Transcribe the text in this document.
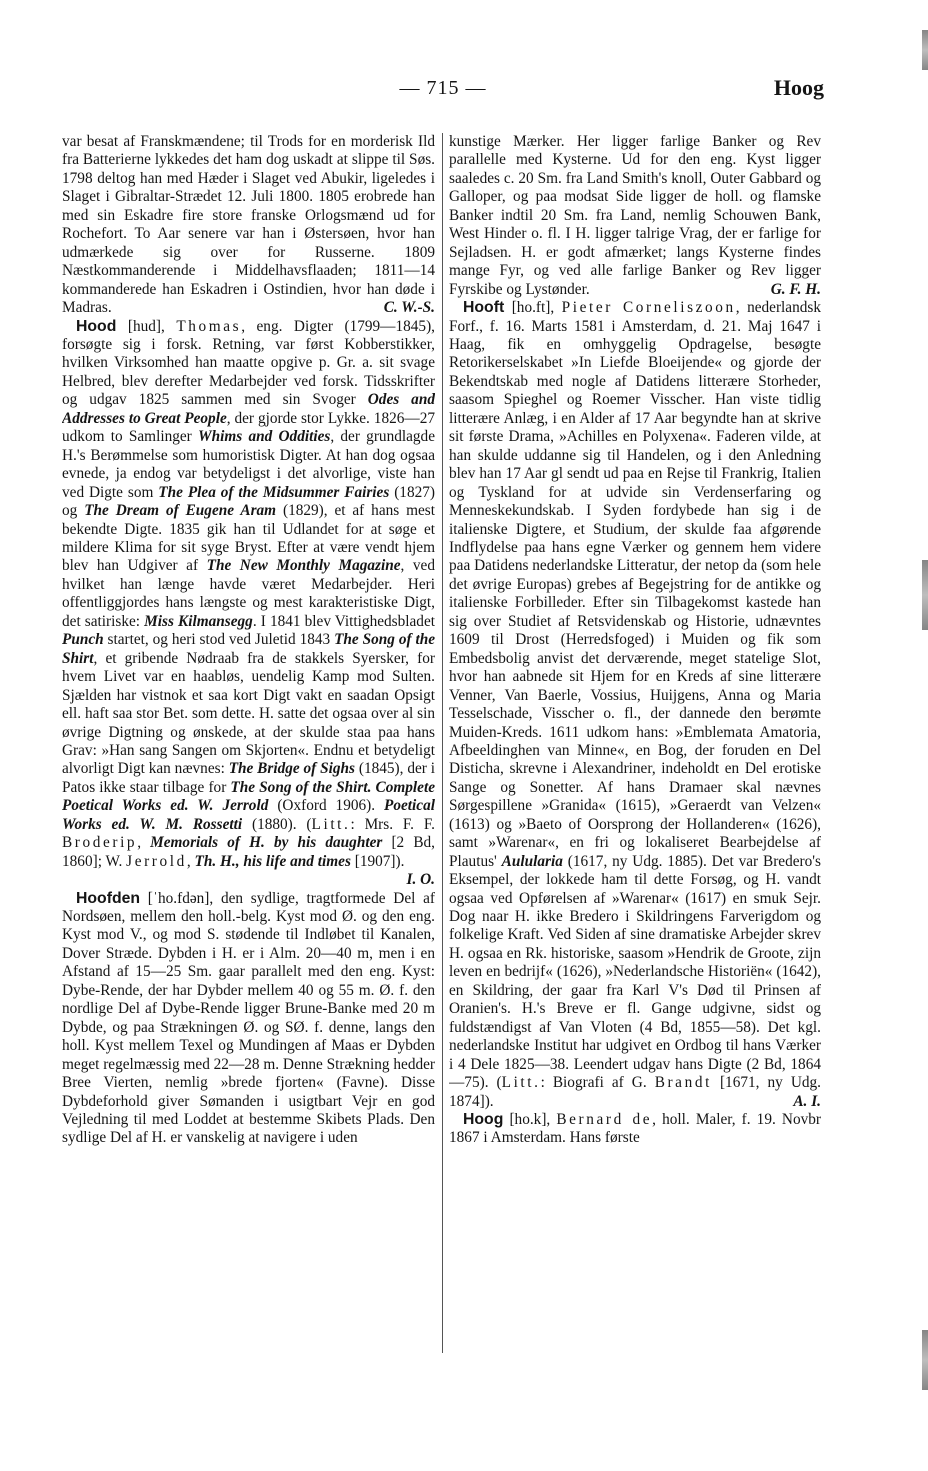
— 715 —	Hoog

var besat af Franskmændene; til Trods for en morderisk Ild fra Batterierne lykkedes det ham dog uskadt at slippe til Søs. 1798 deltog han med Hæder i Slaget ved Abukir, ligeledes i Slaget i Gibraltar-Strædet 12. Juli 1800. 1805 erobrede han med sin Eskadre fire store franske Orlogsmænd ud for Rochefort. To Aar senere var han i Østersøen, hvor han udmærkede sig over for Russerne. 1809 Næstkommanderende i Middelhavsflaaden; 1811—14 kommanderede han Eskadren i Ostindien, hvor han døde i Madras.	C. W.-S.

Hood [hud], Thomas, eng. Digter (1799—1845), forsøgte sig i forsk. Retning, var først Kobberstikker, hvilken Virksomhed han maatte opgive p. Gr. a. sit svage Helbred, blev derefter Medarbejder ved forsk. Tidsskrifter og udgav 1825 sammen med sin Svoger Odes and Addresses to Great People, der gjorde stor Lykke. 1826—27 udkom to Samlinger Whims and Oddities, der grundlagde H.'s Berømmelse som humoristisk Digter. At han dog ogsaa evnede, ja endog var betydeligst i det alvorlige, viste han ved Digte som The Plea of the Midsummer Fairies (1827) og The Dream of Eugene Aram (1829), et af hans mest bekendte Digte. 1835 gik han til Udlandet for at søge et mildere Klima for sit syge Bryst. Efter at være vendt hjem blev han Udgiver af The New Monthly Magazine, ved hvilket han længe havde været Medarbejder. Heri offentliggjordes hans længste og mest karakteristiske Digt, det satiriske: Miss Kilmansegg. I 1841 blev Vittighedsbladet Punch startet, og heri stod ved Juletid 1843 The Song of the Shirt, et gribende Nødraab fra de stakkels Syersker, for hvem Livet var en haabløs, uendelig Kamp mod Sulten. Sjælden har vistnok et saa kort Digt vakt en saadan Opsigt ell. haft saa stor Bet. som dette. H. satte det ogsaa over al sin øvrige Digtning og ønskede, at der skulde staa paa hans Grav: »Han sang Sangen om Skjorten«. Endnu et betydeligt alvorligt Digt kan nævnes: The Bridge of Sighs (1845), der i Patos ikke staar tilbage for The Song of the Shirt. Complete Poetical Works ed. W. Jerrold (Oxford 1906). Poetical Works ed. W. M. Rossetti (1880). (Litt.: Mrs. F. F. Broderip, Memorials of H. by his daughter [2 Bd, 1860]; W. Jerrold, Th. H., his life and times [1907]).
I. O.

Hoofden [ˈho.fdən], den sydlige, tragtformede Del af Nordsøen, mellem den holl.-belg. Kyst mod Ø. og den eng. Kyst mod V., og mod S. stødende til Indløbet til Kanalen, Dover Stræde. Dybden i H. er i Alm. 20—40 m, men i en Afstand af 15—25 Sm. gaar parallelt med den eng. Kyst: Dybe-Rende, der har Dybder mellem 40 og 55 m. Ø. f. den nordlige Del af Dybe-Rende ligger Brune-Banke med 20 m Dybde, og paa Strækningen Ø. og SØ. f. denne, langs den holl. Kyst mellem Texel og Mundingen af Maas er Dybden meget regelmæssig med 22—28 m. Denne Strækning hedder Bree Vierten, nemlig »brede fjorten« (Favne). Disse Dybdeforhold giver Sømanden i usigtbart Vejr en god Vejledning til med Loddet at bestemme Skibets Plads. Den sydlige Del af H. er vanskelig at navigere i uden

kunstige Mærker. Her ligger farlige Banker og Rev parallelle med Kysterne. Ud for den eng. Kyst ligger saaledes c. 20 Sm. fra Land Smith's knoll, Outer Gabbard og Galloper, og paa modsat Side ligger de holl. og flamske Banker indtil 20 Sm. fra Land, nemlig Schouwen Bank, West Hinder o. fl. I H. ligger talrige Vrag, der er farlige for Sejladsen. H. er godt afmærket; langs Kysterne findes mange Fyr, og ved alle farlige Banker og Rev ligger Fyrskibe og Lystønder.	G. F. H.

Hooft [ho.ft], Pieter Corneliszoon, nederlandsk Forf., f. 16. Marts 1581 i Amsterdam, d. 21. Maj 1647 i Haag, fik en omhyggelig Opdragelse, besøgte Retorikerselskabet »In Liefde Bloeijende« og gjorde der Bekendtskab med nogle af Datidens litterære Storheder, saasom Spieghel og Roemer Visscher. Han viste tidlig litterære Anlæg, i en Alder af 17 Aar begyndte han at skrive sit første Drama, »Achilles en Polyxena«. Faderen vilde, at han skulde uddanne sig til Handelen, og i den Anledning blev han 17 Aar gl sendt ud paa en Rejse til Frankrig, Italien og Tyskland for at udvide sin Verdenserfaring og Menneskekundskab. I Syden fordybede han sig i de italienske Digtere, et Studium, der skulde faa afgørende Indflydelse paa hans egne Værker og gennem hem videre paa Datidens nederlandske Litteratur, der netop da (som hele det øvrige Europas) grebes af Begejstring for de antikke og italienske Forbilleder. Efter sin Tilbagekomst kastede han sig over Studiet af Retsvidenskab og Historie, udnævntes 1609 til Drost (Herredsfoged) i Muiden og fik som Embedsbolig anvist det derværende, meget statelige Slot, hvor han aabnede sit Hjem for en Kreds af sine litterære Venner, Van Baerle, Vossius, Huijgens, Anna og Maria Tesselschade, Visscher o. fl., der dannede den berømte Muiden-Kreds. 1611 udkom hans: »Emblemata Amatoria, Afbeeldinghen van Minne«, en Bog, der foruden en Del Disticha, skrevne i Alexandriner, indeholdt en Del erotiske Sange og Sonetter. Af hans Dramaer skal nævnes Sørgespillene »Granida« (1615), »Geraerdt van Velzen« (1613) og »Baeto of Oorsprong der Hollanderen« (1626), samt »Warenar«, en fri og lokaliseret Bearbejdelse af Plautus' Aulularia (1617, ny Udg. 1885). Det var Bredero's Eksempel, der lokkede ham til dette Forsøg, og H. vandt ogsaa ved Opførelsen af »Warenar« (1617) en smuk Sejr. Dog naar H. ikke Bredero i Skildringens Farverigdom og folkelige Kraft. Ved Siden af sine dramatiske Arbejder skrev H. ogsaa en Rk. historiske, saasom »Hendrik de Groote, zijn leven en bedrijf« (1626), »Nederlandsche Historiën« (1642), en Skildring, der gaar fra Karl V's Død til Prinsen af Oranien's. H.'s Breve er fl. Gange udgivne, sidst og fuldstændigst af Van Vloten (4 Bd, 1855—58). Det kgl. nederlandske Institut har udgivet en Ordbog til hans Værker i 4 Dele 1825—38. Leendert udgav hans Digte (2 Bd, 1864—75). (Litt.: Biografi af G. Brandt [1671, ny Udg. 1874]).	A. I.

Hoog [ho.k], Bernard de, holl. Maler, f. 19. Novbr 1867 i Amsterdam. Hans første
